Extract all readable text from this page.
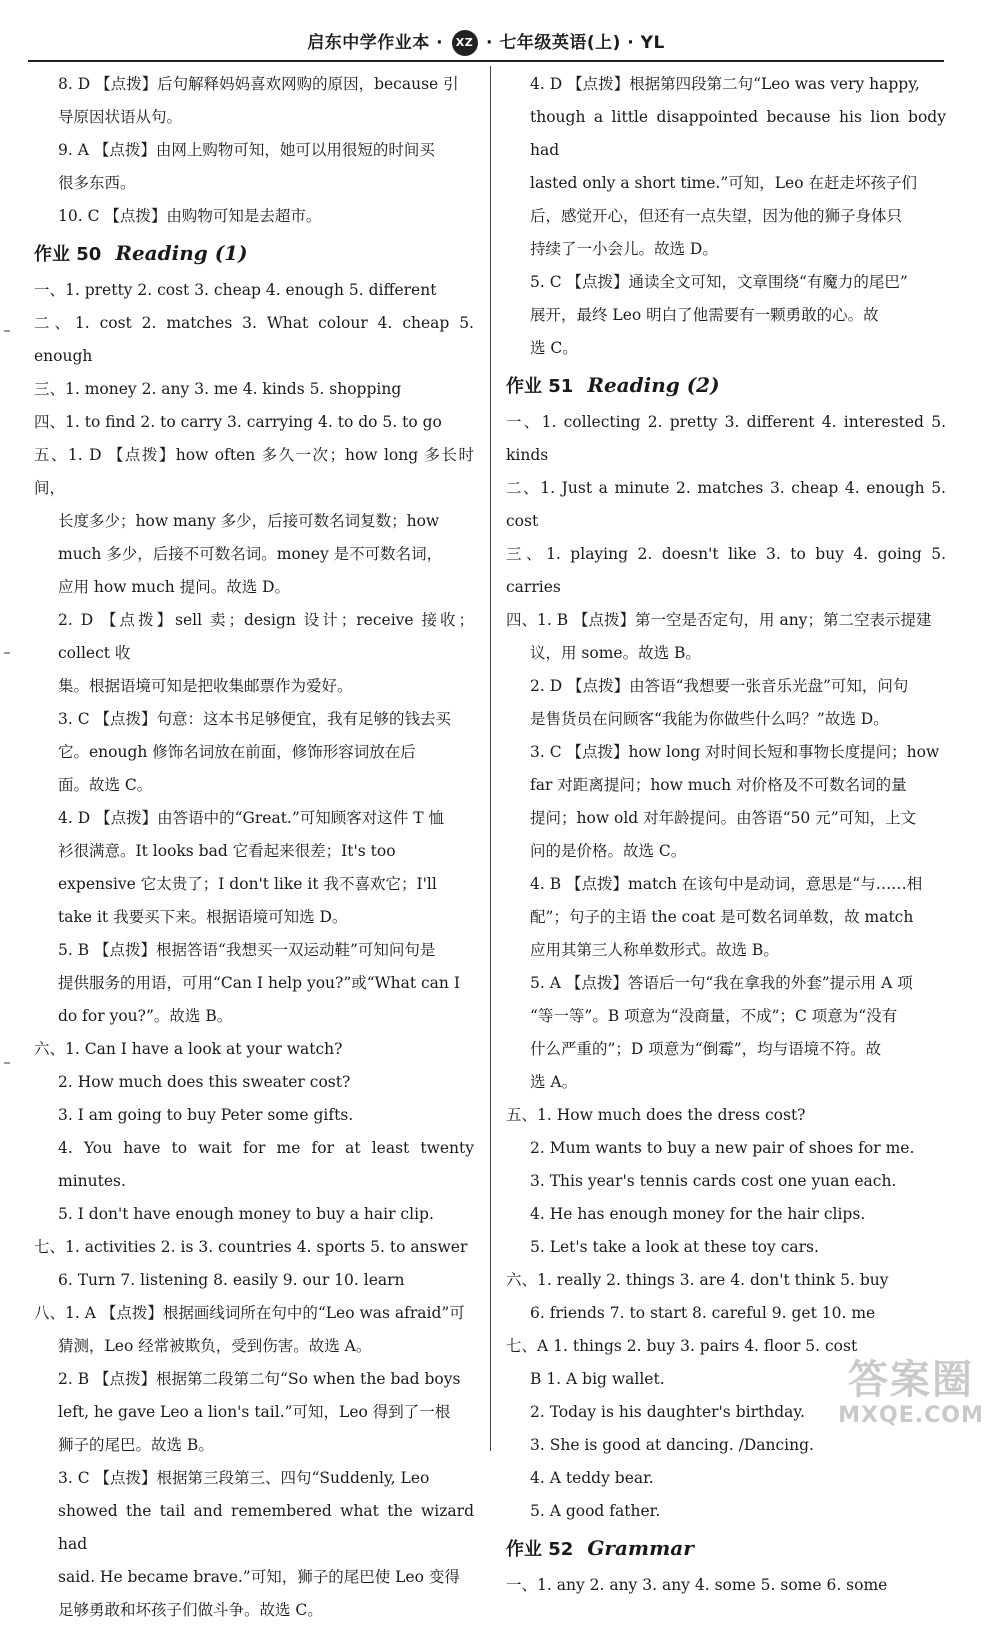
启东中学作业本 · XZ · 七年级英语(上) · YL
8. D 【点拨】后句解释妈妈喜欢网购的原因，because 引
导原因状语从句。
9. A 【点拨】由网上购物可知，她可以用很短的时间买
很多东西。
10. C 【点拨】由购物可知是去超市。
作业 50 Reading (1)
一、1. pretty 2. cost 3. cheap 4. enough 5. different
二、1. cost 2. matches 3. What colour 4. cheap 5. enough
三、1. money 2. any 3. me 4. kinds 5. shopping
四、1. to find 2. to carry 3. carrying 4. to do 5. to go
五、1. D 【点拨】how often 多久一次；how long 多长时间，
长度多少；how many 多少，后接可数名词复数；how
much 多少，后接不可数名词。money 是不可数名词，
应用 how much 提问。故选 D。
2. D 【点拨】sell 卖；design 设计；receive 接收；collect 收
集。根据语境可知是把收集邮票作为爱好。
3. C 【点拨】句意：这本书足够便宜，我有足够的钱去买
它。enough 修饰名词放在前面，修饰形容词放在后
面。故选 C。
4. D 【点拨】由答语中的“Great.”可知顾客对这件 T 恤
衫很满意。It looks bad 它看起来很差；It's too
expensive 它太贵了；I don't like it 我不喜欢它；I'll
take it 我要买下来。根据语境可知选 D。
5. B 【点拨】根据答语“我想买一双运动鞋”可知问句是
提供服务的用语，可用“Can I help you?”或“What can I
do for you?”。故选 B。
六、1. Can I have a look at your watch?
2. How much does this sweater cost?
3. I am going to buy Peter some gifts.
4. You have to wait for me for at least twenty minutes.
5. I don't have enough money to buy a hair clip.
七、1. activities 2. is 3. countries 4. sports 5. to answer
6. Turn 7. listening 8. easily 9. our 10. learn
八、1. A 【点拨】根据画线词所在句中的“Leo was afraid”可
猜测，Leo 经常被欺负，受到伤害。故选 A。
2. B 【点拨】根据第二段第二句“So when the bad boys
left, he gave Leo a lion's tail.”可知，Leo 得到了一根
狮子的尾巴。故选 B。
3. C 【点拨】根据第三段第三、四句“Suddenly, Leo
showed the tail and remembered what the wizard had
said. He became brave.”可知，狮子的尾巴使 Leo 变得
足够勇敢和坏孩子们做斗争。故选 C。
4. D 【点拨】根据第四段第二句“Leo was very happy,
though a little disappointed because his lion body had
lasted only a short time.”可知，Leo 在赶走坏孩子们
后，感觉开心，但还有一点失望，因为他的狮子身体只
持续了一小会儿。故选 D。
5. C 【点拨】通读全文可知，文章围绕“有魔力的尾巴”
展开，最终 Leo 明白了他需要有一颗勇敢的心。故
选 C。
作业 51 Reading (2)
一、1. collecting 2. pretty 3. different 4. interested 5. kinds
二、1. Just a minute 2. matches 3. cheap 4. enough 5. cost
三、1. playing 2. doesn't like 3. to buy 4. going 5. carries
四、1. B 【点拨】第一空是否定句，用 any；第二空表示提建
议，用 some。故选 B。
2. D 【点拨】由答语“我想要一张音乐光盘”可知，问句
是售货员在问顾客“我能为你做些什么吗？”故选 D。
3. C 【点拨】how long 对时间长短和事物长度提问；how
far 对距离提问；how much 对价格及不可数名词的量
提问；how old 对年龄提问。由答语“50 元”可知，上文
问的是价格。故选 C。
4. B 【点拨】match 在该句中是动词，意思是“与……相
配”；句子的主语 the coat 是可数名词单数，故 match
应用其第三人称单数形式。故选 B。
5. A 【点拨】答语后一句“我在拿我的外套”提示用 A 项
“等一等”。B 项意为“没商量，不成”；C 项意为“没有
什么严重的”；D 项意为“倒霉”，均与语境不符。故
选 A。
五、1. How much does the dress cost?
2. Mum wants to buy a new pair of shoes for me.
3. This year's tennis cards cost one yuan each.
4. He has enough money for the hair clips.
5. Let's take a look at these toy cars.
六、1. really 2. things 3. are 4. don't think 5. buy
6. friends 7. to start 8. careful 9. get 10. me
七、A 1. things 2. buy 3. pairs 4. floor 5. cost
B 1. A big wallet.
2. Today is his daughter's birthday.
3. She is good at dancing. /Dancing.
4. A teddy bear.
5. A good father.
作业 52 Grammar
一、1. any 2. any 3. any 4. some 5. some 6. some
答案圈
MXQE.COM
